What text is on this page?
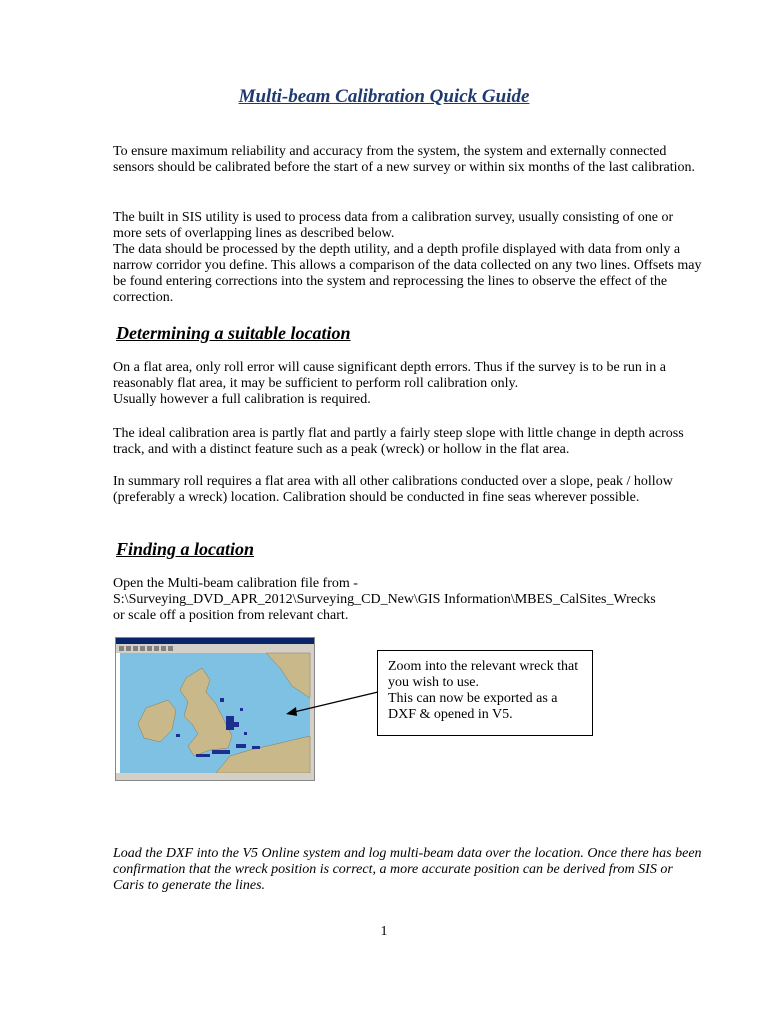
Multi-beam Calibration Quick Guide
To ensure maximum reliability and accuracy from the system, the system and externally connected sensors should be calibrated before the start of a new survey or within six months of the last calibration.
The built in SIS utility is used to process data from a calibration survey, usually consisting of one or more sets of overlapping lines as described below.
The data should be processed by the depth utility, and a depth profile displayed with data from only a narrow corridor you define. This allows a comparison of the data collected on any two lines. Offsets may be found entering corrections into the system and reprocessing the lines to observe the effect of the correction.
Determining a suitable location
On a flat area, only roll error will cause significant depth errors. Thus if the survey is to be run in a reasonably flat area, it may be sufficient to perform roll calibration only.
Usually however a full calibration is required.
The ideal calibration area is partly flat and partly a fairly steep slope with little change in depth across track, and with a distinct feature such as a peak (wreck) or hollow in the flat area.
In summary roll requires a flat area with all other calibrations conducted over a slope, peak / hollow (preferably a wreck) location. Calibration should be conducted in fine seas wherever possible.
Finding a location
Open the Multi-beam calibration file from -
S:\Surveying_DVD_APR_2012\Surveying_CD_New\GIS Information\MBES_CalSites_Wrecks
or scale off a position from relevant chart.
Zoom into the relevant wreck that you wish to use.
This can now be exported as a DXF & opened in V5.
Load the DXF into the V5 Online system and log multi-beam data over the location. Once there has been confirmation that the wreck position is correct, a more accurate position can be derived from SIS or Caris to generate the lines.
1
